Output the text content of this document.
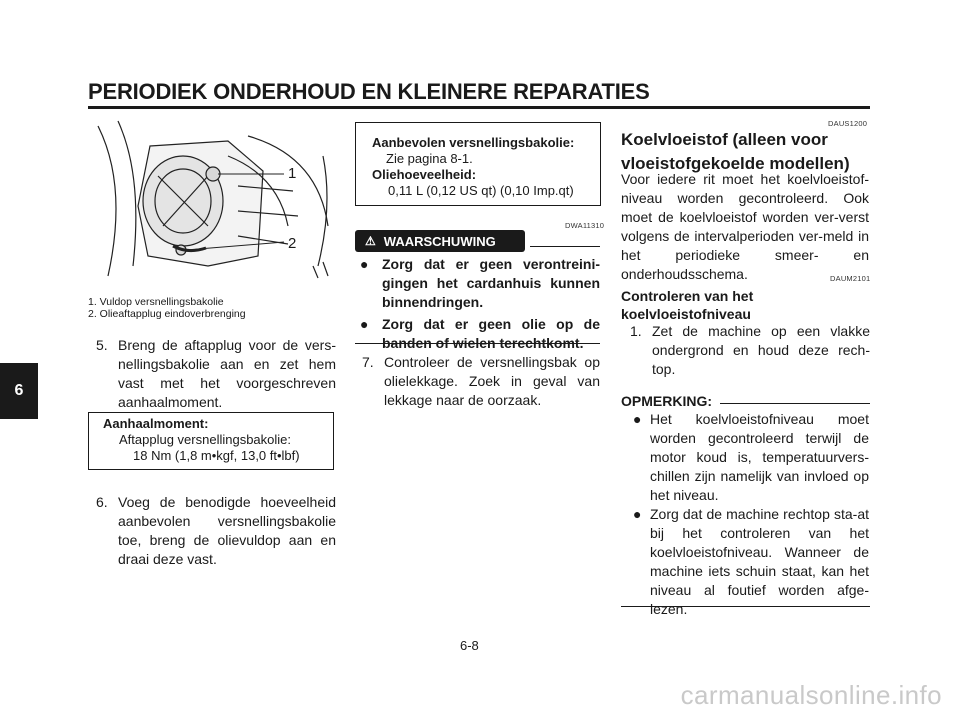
PERIODIEK ONDERHOUD EN KLEINERE REPARATIES
6
1
2
1. Vuldop versnellingsbakolie
2. Olieaftapplug eindoverbrenging
5. Breng de aftapplug voor de vers-nellingsbakolie aan en zet hem vast met het voorgeschreven aanhaalmoment.
Aanhaalmoment:
Aftapplug versnellingsbakolie:
18 Nm (1,8 m•kgf, 13,0 ft•lbf)
6. Voeg de benodigde hoeveelheid aanbevolen versnellingsbakolie toe, breng de olievuldop aan en draai deze vast.
Aanbevolen versnellingsbakolie:
Zie pagina 8-1.
Oliehoeveelheid:
0,11 L (0,12 US qt) (0,10 Imp.qt)
DWA11310
⚠ WAARSCHUWING
● Zorg dat er geen verontreini-gingen het cardanhuis kunnen binnendringen.
● Zorg dat er geen olie op de banden of wielen terechtkomt.
7. Controleer de versnellingsbak op olielekkage. Zoek in geval van lekkage naar de oorzaak.
DAUS1200
Koelvloeistof (alleen voor vloeistofgekoelde modellen)
Voor iedere rit moet het koelvloeistof-niveau worden gecontroleerd. Ook moet de koelvloeistof worden ver-verst volgens de intervalperioden ver-meld in het periodieke smeer- en onderhoudsschema.	DAUM2101
Controleren van het koelvloeistofniveau
1. Zet de machine op een vlakke ondergrond en houd deze rech-top.
OPMERKING:
● Het koelvloeistofniveau moet worden gecontroleerd terwijl de motor koud is, temperatuurvers-chillen zijn namelijk van invloed op het niveau.
● Zorg dat de machine rechtop sta-at bij het controleren van het koelvloeistofniveau. Wanneer de machine iets schuin staat, kan het niveau al foutief worden afge-lezen.
6-8
carmanualsonline.info
